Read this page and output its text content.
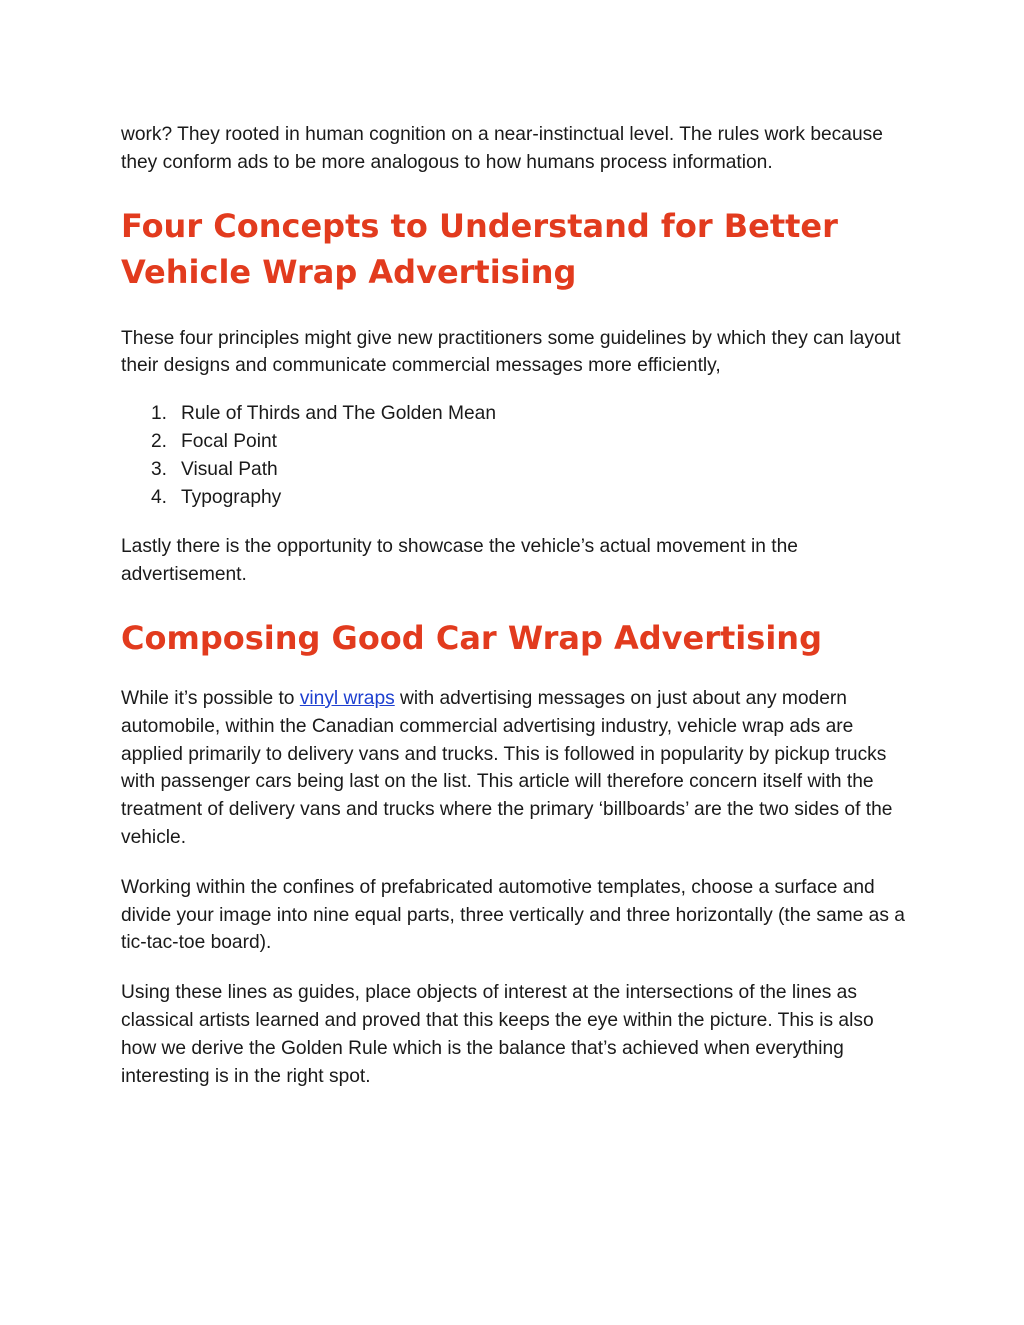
work? They rooted in human cognition on a near-instinctual level. The rules work because they conform ads to be more analogous to how humans process information.

Four Concepts to Understand for Better Vehicle Wrap Advertising

These four principles might give new practitioners some guidelines by which they can layout their designs and communicate commercial messages more efficiently,

1. Rule of Thirds and The Golden Mean
2. Focal Point
3. Visual Path
4. Typography

Lastly there is the opportunity to showcase the vehicle’s actual movement in the advertisement.

Composing Good Car Wrap Advertising

While it’s possible to vinyl wraps with advertising messages on just about any modern automobile, within the Canadian commercial advertising industry, vehicle wrap ads are applied primarily to delivery vans and trucks. This is followed in popularity by pickup trucks with passenger cars being last on the list. This article will therefore concern itself with the treatment of delivery vans and trucks where the primary ‘billboards’ are the two sides of the vehicle.

Working within the confines of prefabricated automotive templates, choose a surface and divide your image into nine equal parts, three vertically and three horizontally (the same as a tic-tac-toe board).

Using these lines as guides, place objects of interest at the intersections of the lines as classical artists learned and proved that this keeps the eye within the picture. This is also how we derive the Golden Rule which is the balance that’s achieved when everything interesting is in the right spot.
